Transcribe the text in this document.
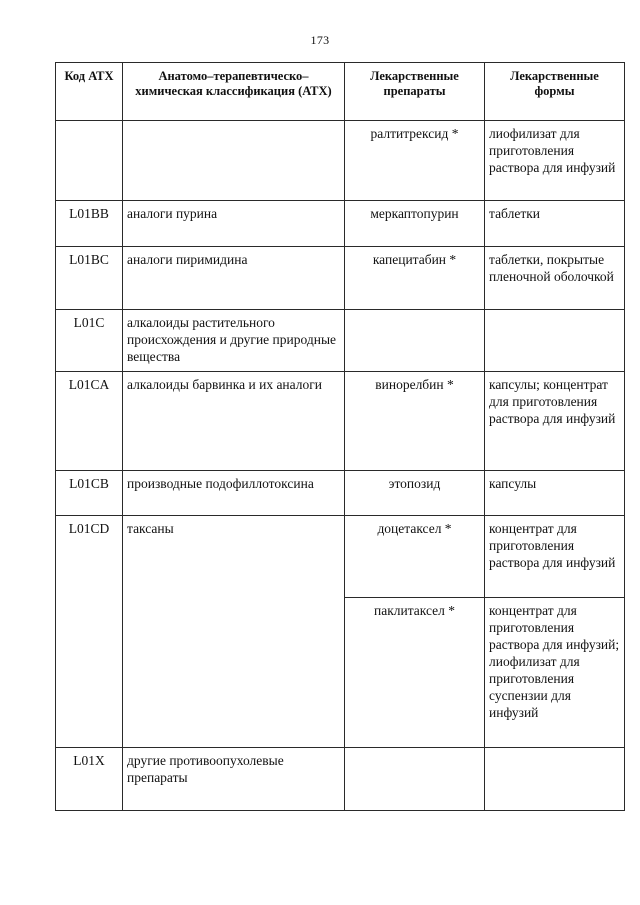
173
Код АТХ	Анатомо–терапевтическо–химическая классификация (АТХ)	Лекарственные препараты	Лекарственные формы
		ралтитрексид *	лиофилизат для приготовления раствора для инфузий
L01BB	аналоги пурина	меркаптопурин	таблетки
L01BC	аналоги пиримидина	капецитабин *	таблетки, покрытые пленочной оболочкой
L01C	алкалоиды растительного происхождения и другие природные вещества		
L01CA	алкалоиды барвинка и их аналоги	винорелбин *	капсулы; концентрат для приготовления раствора для инфузий
L01CB	производные подофиллотоксина	этопозид	капсулы
L01CD	таксаны	доцетаксел *	концентрат для приготовления раствора для инфузий
		паклитаксел *	концентрат для приготовления раствора для инфузий; лиофилизат для приготовления суспензии для инфузий
L01X	другие противоопухолевые препараты		
